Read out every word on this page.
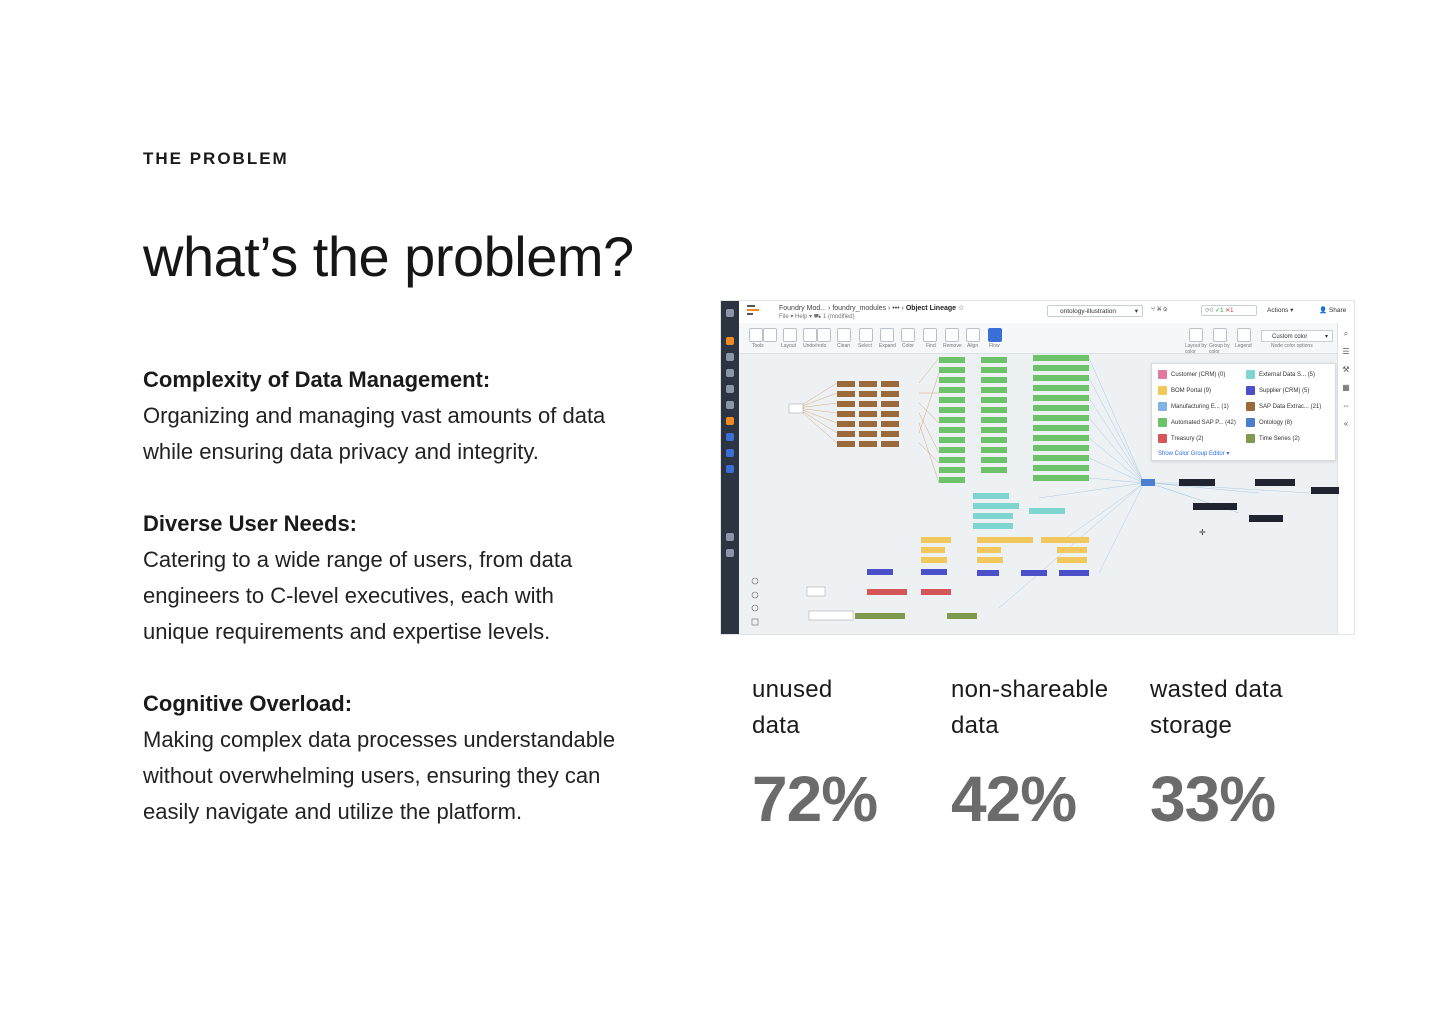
THE PROBLEM
what’s the problem?
Complexity of Data Management:
Organizing and managing vast amounts of data
while ensuring data privacy and integrity.
Diverse User Needs:
Catering to a wide range of users, from data
engineers to C-level executives, each with
unique requirements and expertise levels.
Cognitive Overload:
Making complex data processes understandable
without overwhelming users, ensuring they can
easily navigate and utilize the platform.
Foundry Mod... › foundry_modules › ••• › Object Lineage ☆
File ▾ Help ▾ ⛟ 1 (modified)
ontology-illustration	▾ ⑂ ⌘ ⚙	⟳0 ✓1 ✕1	Actions ▾	👤 Share
Tools	Layout Undo/redo Clean Select Expand Color Find Remove Align Flow	Layout by color
Group by color
Legend	Node color options
Custom color	▾	⌕
☰
⚒
▦
⇔
«
✛
Customer (CRM) (0)	External Data S... (5)
BOM Portal (9)	Supplier (CRM) (5)
Manufacturing E... (1)	SAP Data Extrac... (21)
Automated SAP P... (42)	Ontology (8)
Treasury (2)	Time Series (2)
Show Color Group Editor ▾
unused
data
72%
non-shareable
data
42%
wasted data
storage
33%
